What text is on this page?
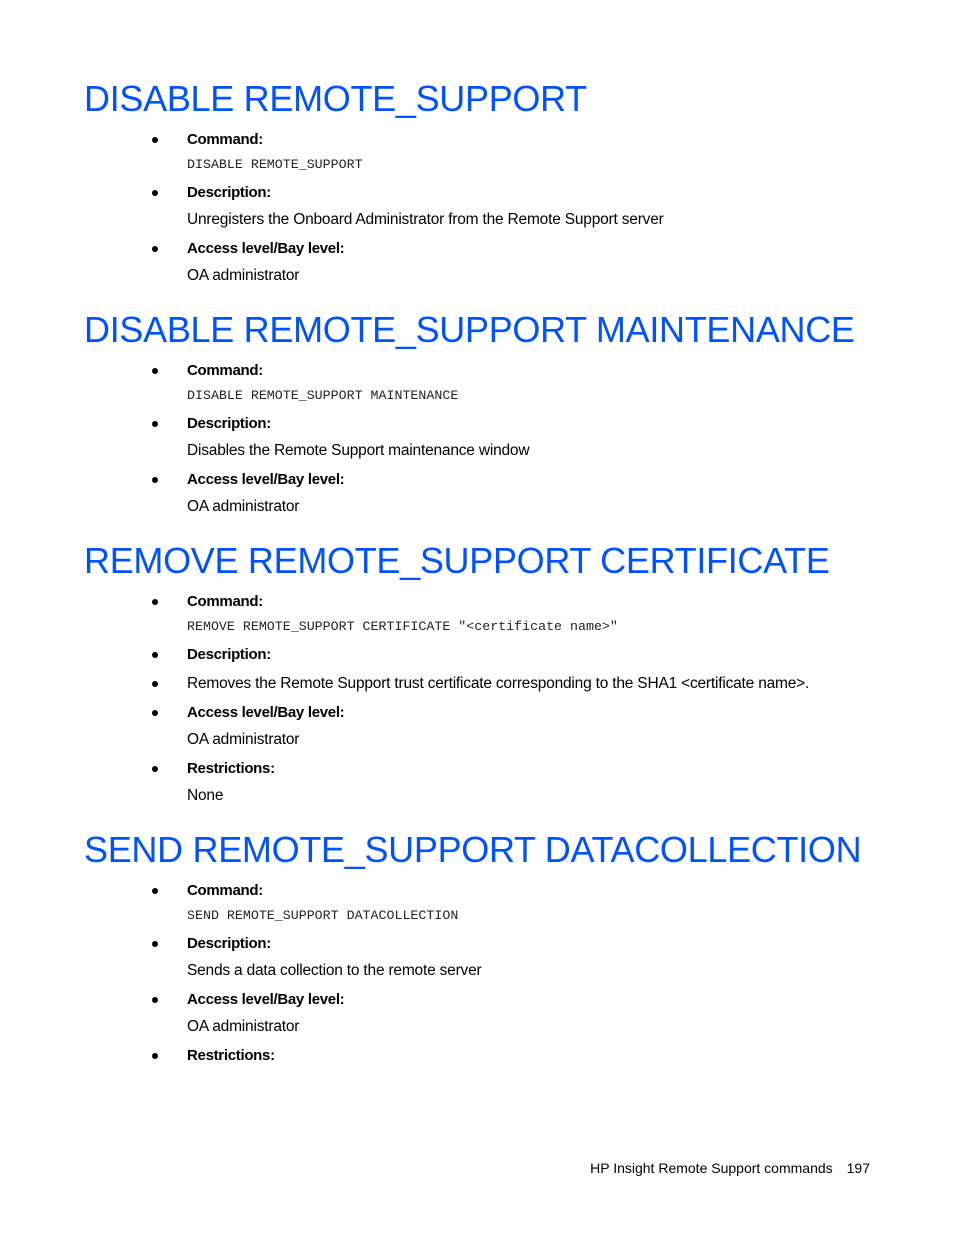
DISABLE REMOTE_SUPPORT
Command:
DISABLE REMOTE_SUPPORT
Description:
Unregisters the Onboard Administrator from the Remote Support server
Access level/Bay level:
OA administrator
DISABLE REMOTE_SUPPORT MAINTENANCE
Command:
DISABLE REMOTE_SUPPORT MAINTENANCE
Description:
Disables the Remote Support maintenance window
Access level/Bay level:
OA administrator
REMOVE REMOTE_SUPPORT CERTIFICATE
Command:
REMOVE REMOTE_SUPPORT CERTIFICATE "<certificate name>"
Description:
Removes the Remote Support trust certificate corresponding to the SHA1 <certificate name>.
Access level/Bay level:
OA administrator
Restrictions:
None
SEND REMOTE_SUPPORT DATACOLLECTION
Command:
SEND REMOTE_SUPPORT DATACOLLECTION
Description:
Sends a data collection to the remote server
Access level/Bay level:
OA administrator
Restrictions:
HP Insight Remote Support commands 197
